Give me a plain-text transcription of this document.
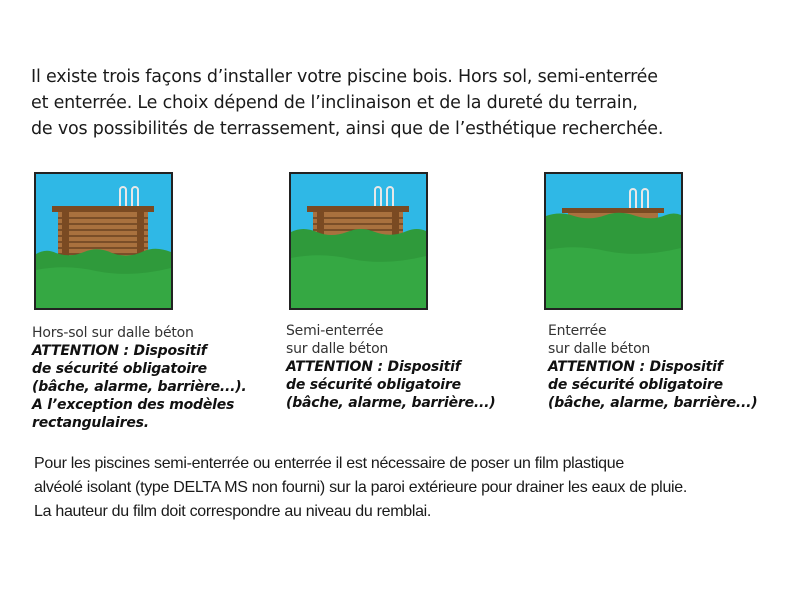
Il existe trois façons d’installer votre piscine bois. Hors sol, semi-enterrée
et enterrée. Le choix dépend de l’inclinaison et de la dureté du terrain,
de vos possibilités de terrassement, ainsi que de l’esthétique recherchée.
Hors-sol sur dalle béton
ATTENTION : Dispositif
de sécurité obligatoire
(bâche, alarme, barrière...).
A l’exception des modèles
rectangulaires.
Semi-enterrée
sur dalle béton
ATTENTION : Dispositif
de sécurité obligatoire
(bâche, alarme, barrière...)
Enterrée
sur dalle béton
ATTENTION : Dispositif
de sécurité obligatoire
(bâche, alarme, barrière...)
Pour les piscines semi-enterrée ou enterrée il est nécessaire de poser un film plastique
alvéolé isolant (type DELTA MS non fourni) sur la paroi extérieure pour drainer les eaux de pluie.
La hauteur du film doit correspondre au niveau du remblai.
